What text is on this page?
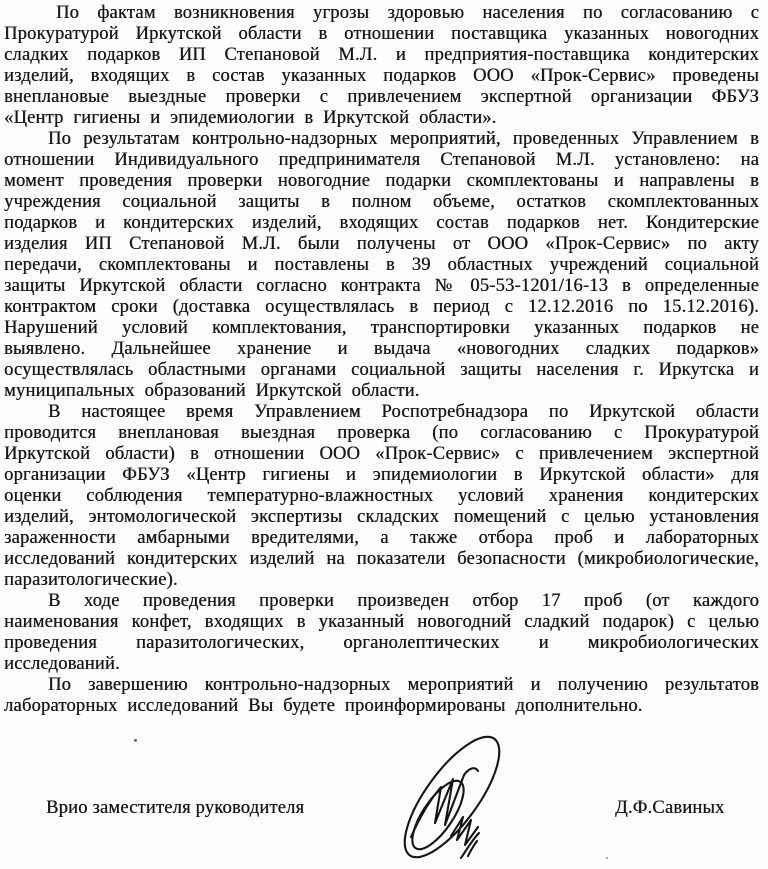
По фактам возникновения угрозы здоровью населения по согласованию с Прокуратурой Иркутской области в отношении поставщика указанных новогодних сладких подарков ИП Степановой М.Л. и предприятия-поставщика кондитерских изделий, входящих в состав указанных подарков ООО «Прок-Сервис» проведены внеплановые выездные проверки с привлечением экспертной организации ФБУЗ «Центр гигиены и эпидемиологии в Иркутской области».

По результатам контрольно-надзорных мероприятий, проведенных Управлением в отношении Индивидуального предпринимателя Степановой М.Л. установлено: на момент проведения проверки новогодние подарки скомплектованы и направлены в учреждения социальной защиты в полном объеме, остатков скомплектованных подарков и кондитерских изделий, входящих состав подарков нет. Кондитерские изделия ИП Степановой М.Л. были получены от ООО «Прок-Сервис» по акту передачи, скомплектованы и поставлены в 39 областных учреждений социальной защиты Иркутской области согласно контракта № 05-53-1201/16-13 в определенные контрактом сроки (доставка осуществлялась в период с 12.12.2016 по 15.12.2016). Нарушений условий комплектования, транспортировки указанных подарков не выявлено. Дальнейшее хранение и выдача «новогодних сладких подарков» осуществлялась областными органами социальной защиты населения г. Иркутска и муниципальных образований Иркутской области.

В настоящее время Управлением Роспотребнадзора по Иркутской области проводится внеплановая выездная проверка (по согласованию с Прокуратурой Иркутской области) в отношении ООО «Прок-Сервис» с привлечением экспертной организации ФБУЗ «Центр гигиены и эпидемиологии в Иркутской области» для оценки соблюдения температурно-влажностных условий хранения кондитерских изделий, энтомологической экспертизы складских помещений с целью установления зараженности амбарными вредителями, а также отбора проб и лабораторных исследований кондитерских изделий на показатели безопасности (микробиологические, паразитологические).

В ходе проведения проверки произведен отбор 17 проб (от каждого наименования конфет, входящих в указанный новогодний сладкий подарок) с целью проведения паразитологических, органолептических и микробиологических исследований.

По завершению контрольно-надзорных мероприятий и получению результатов лабораторных исследований Вы будете проинформированы дополнительно.

Врио заместителя руководителя	Д.Ф.Савиных
